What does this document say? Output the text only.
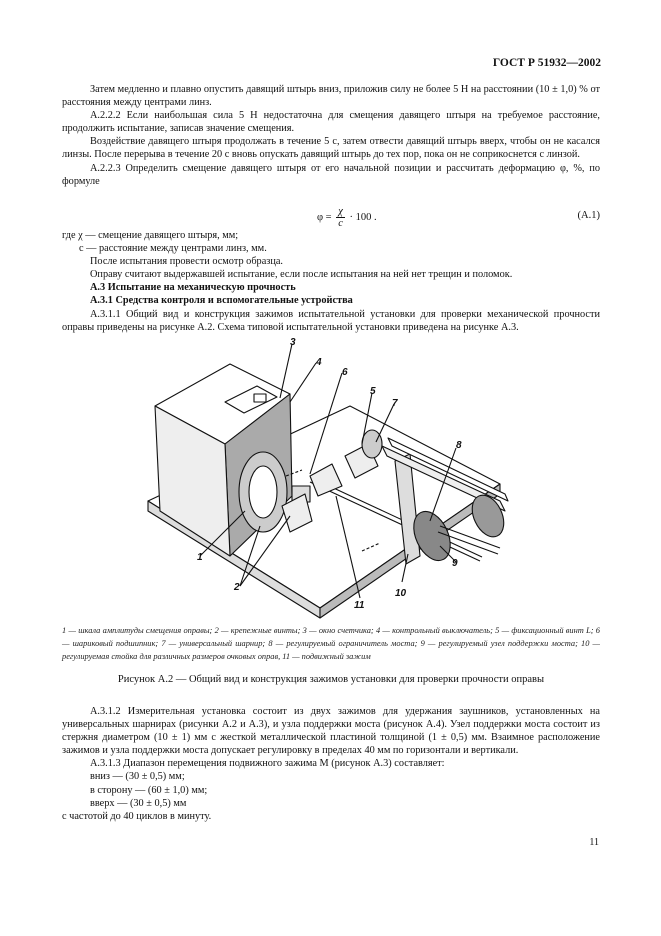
ГОСТ Р 51932—2002

Затем медленно и плавно опустить давящий штырь вниз, приложив силу не более 5 Н на расстоянии (10 ± 1,0) % от расстояния между центрами линз.

А.2.2.2 Если наибольшая сила 5 Н недостаточна для смещения давящего штыря на требуемое расстояние, продолжить испытание, записав значение смещения.

Воздействие давящего штыря продолжать в течение 5 с, затем отвести давящий штырь вверх, чтобы он не касался линзы. После перерыва в течение 20 с вновь опускать давящий штырь до тех пор, пока он не соприкоснется с линзой.

А.2.2.3 Определить смещение давящего штыря от его начальной позиции и рассчитать деформацию φ, %, по формуле

$\varphi = \frac{\chi}{c} \cdot 100$ .	(А.1)

где χ — смещение давящего штыря, мм;

c — расстояние между центрами линз, мм.

После испытания провести осмотр образца.

Оправу считают выдержавшей испытание, если после испытания на ней нет трещин и поломок.

А.3 Испытание на механическую прочность

А.3.1 Средства контроля и вспомогательные устройства

А.3.1.1 Общий вид и конструкция зажимов испытательной установки для проверки механической прочности оправы приведены на рисунке А.2. Схема типовой испытательной установки приведена на рисунке А.3.

1
2
3
4
5
6
7
8
9
10
11
1 — шкала амплитуды смещения оправы; 2 — крепежные винты; 3 — окно счетчика; 4 — контрольный выключатель; 5 — фиксационный винт L; 6 — шариковый подшипник; 7 — универсальный шарнир; 8 — регулируемый ограничитель моста; 9 — регулируемый узел поддержки моста; 10 — регулируемая стойка для различных размеров очковых оправ, 11 — подвижный зажим
Рисунок А.2 — Общий вид и конструкция зажимов установки для проверки прочности оправы

А.3.1.2 Измерительная установка состоит из двух зажимов для удержания заушников, установленных на универсальных шарнирах (рисунки А.2 и А.3), и узла поддержки моста (рисунок А.4). Узел поддержки моста состоит из стержня диаметром (10 ± 1) мм с жесткой металлической пластиной толщиной (1 ± 0,5) мм. Взаимное расположение зажимов и узла поддержки моста допускает регулировку в пределах 40 мм по горизонтали и вертикали.

А.3.1.3 Диапазон перемещения подвижного зажима M (рисунок А.3) составляет:

вниз — (30 ± 0,5) мм;

в сторону — (60 ± 1,0) мм;

вверх — (30 ± 0,5) мм

с частотой до 40 циклов в минуту.

11
